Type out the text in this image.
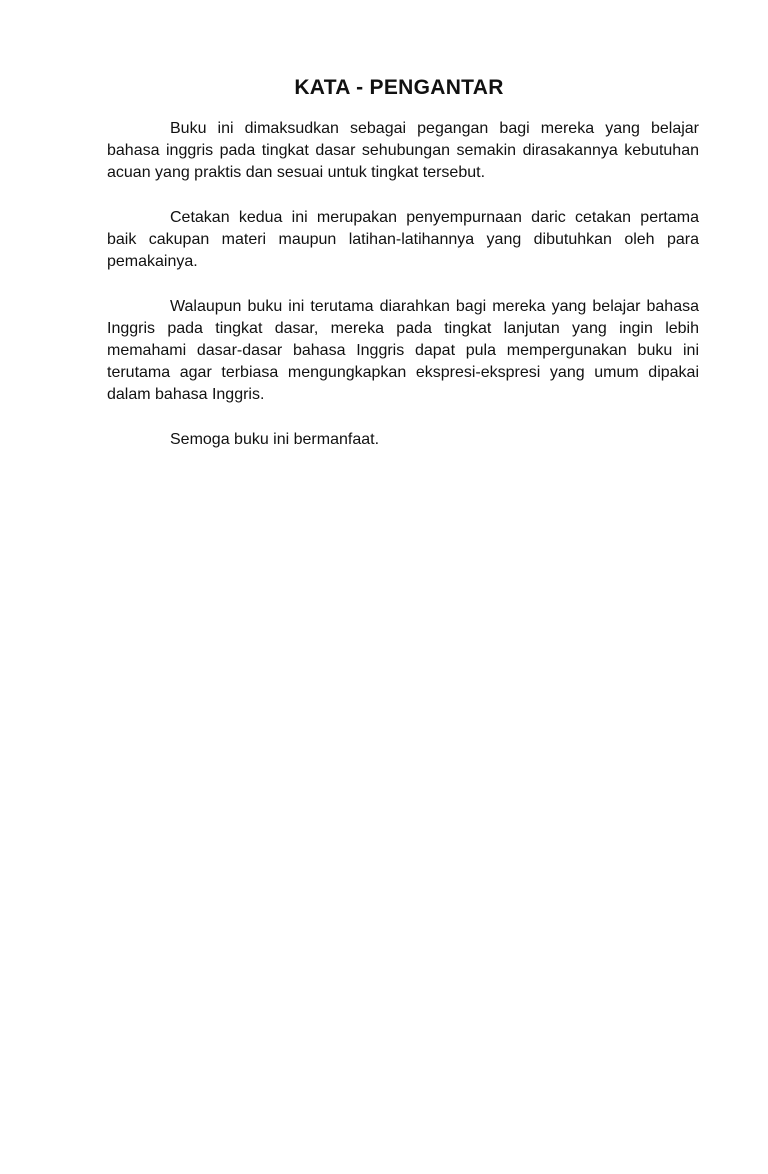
KATA - PENGANTAR

Buku ini dimaksudkan sebagai pegangan bagi mereka yang belajar bahasa inggris pada tingkat dasar sehubungan semakin dirasakannya kebutuhan acuan yang praktis dan sesuai untuk tingkat tersebut.

Cetakan kedua ini merupakan penyempurnaan daric cetakan pertama baik cakupan materi maupun latihan-latihannya yang dibutuhkan oleh para pemakainya.

Walaupun buku ini terutama diarahkan bagi mereka yang belajar bahasa Inggris pada tingkat dasar, mereka pada tingkat lanjutan yang ingin lebih memahami dasar-dasar bahasa Inggris dapat pula mempergunakan buku ini terutama agar terbiasa mengungkapkan ekspresi-ekspresi yang umum dipakai dalam bahasa Inggris.

Semoga buku ini bermanfaat.
